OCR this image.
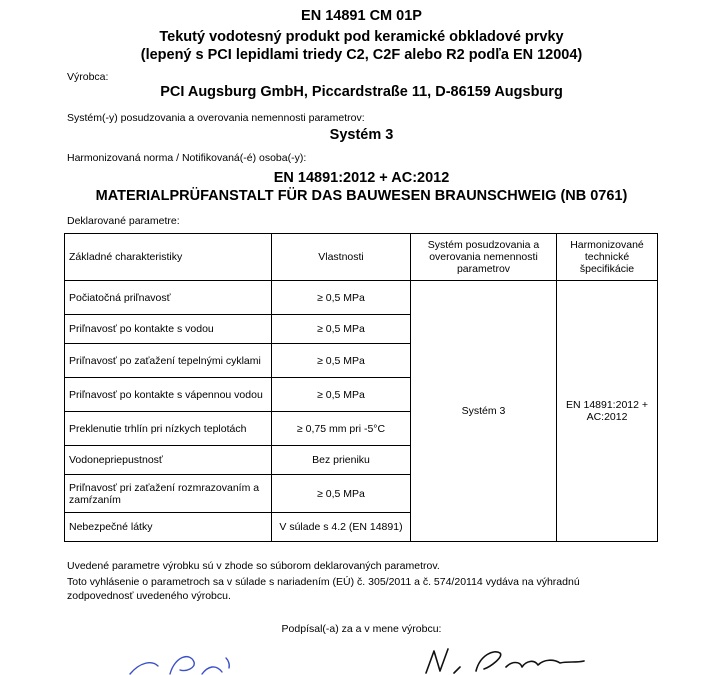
EN 14891 CM 01P
Tekutý vodotesný produkt pod keramické obkladové prvky
(lepený s PCI lepidlami triedy C2, C2F alebo R2 podľa EN 12004)
Výrobca:
PCI Augsburg GmbH, Piccardstraße 11, D-86159 Augsburg
Systém(-y) posudzovania a overovania nemennosti parametrov:
Systém 3
Harmonizovaná norma / Notifikovaná(-é) osoba(-y):
EN 14891:2012 + AC:2012
MATERIALPRÜFANSTALT FÜR DAS BAUWESEN BRAUNSCHWEIG (NB 0761)
Deklarované parametre:
Základné charakteristiky	Vlastnosti	Systém posudzovania a overovania nemennosti parametrov	Harmonizované technické špecifikácie
Počiatočná priľnavosť	≥ 0,5 MPa	Systém 3	EN 14891:2012 + AC:2012
Priľnavosť po kontakte s vodou	≥ 0,5 MPa		
Priľnavosť po zaťažení tepelnými cyklami	≥ 0,5 MPa		
Priľnavosť po kontakte s vápennou vodou	≥ 0,5 MPa		
Preklenutie trhlín pri nízkych teplotách	≥ 0,75 mm pri -5°C		
Vodonepriepustnosť	Bez prieniku		
Priľnavosť pri zaťažení rozmrazovaním a zamŕzaním	≥ 0,5 MPa		
Nebezpečné látky	V súlade s 4.2 (EN 14891)		
Uvedené parametre výrobku sú v zhode so súborom deklarovaných parametrov.
Toto vyhlásenie o parametroch sa v súlade s nariadením (EÚ) č. 305/2011 a č. 574/20114 vydáva na výhradnú
zodpovednosť uvedeného výrobcu.
Podpísal(-a) za a v mene výrobcu:
